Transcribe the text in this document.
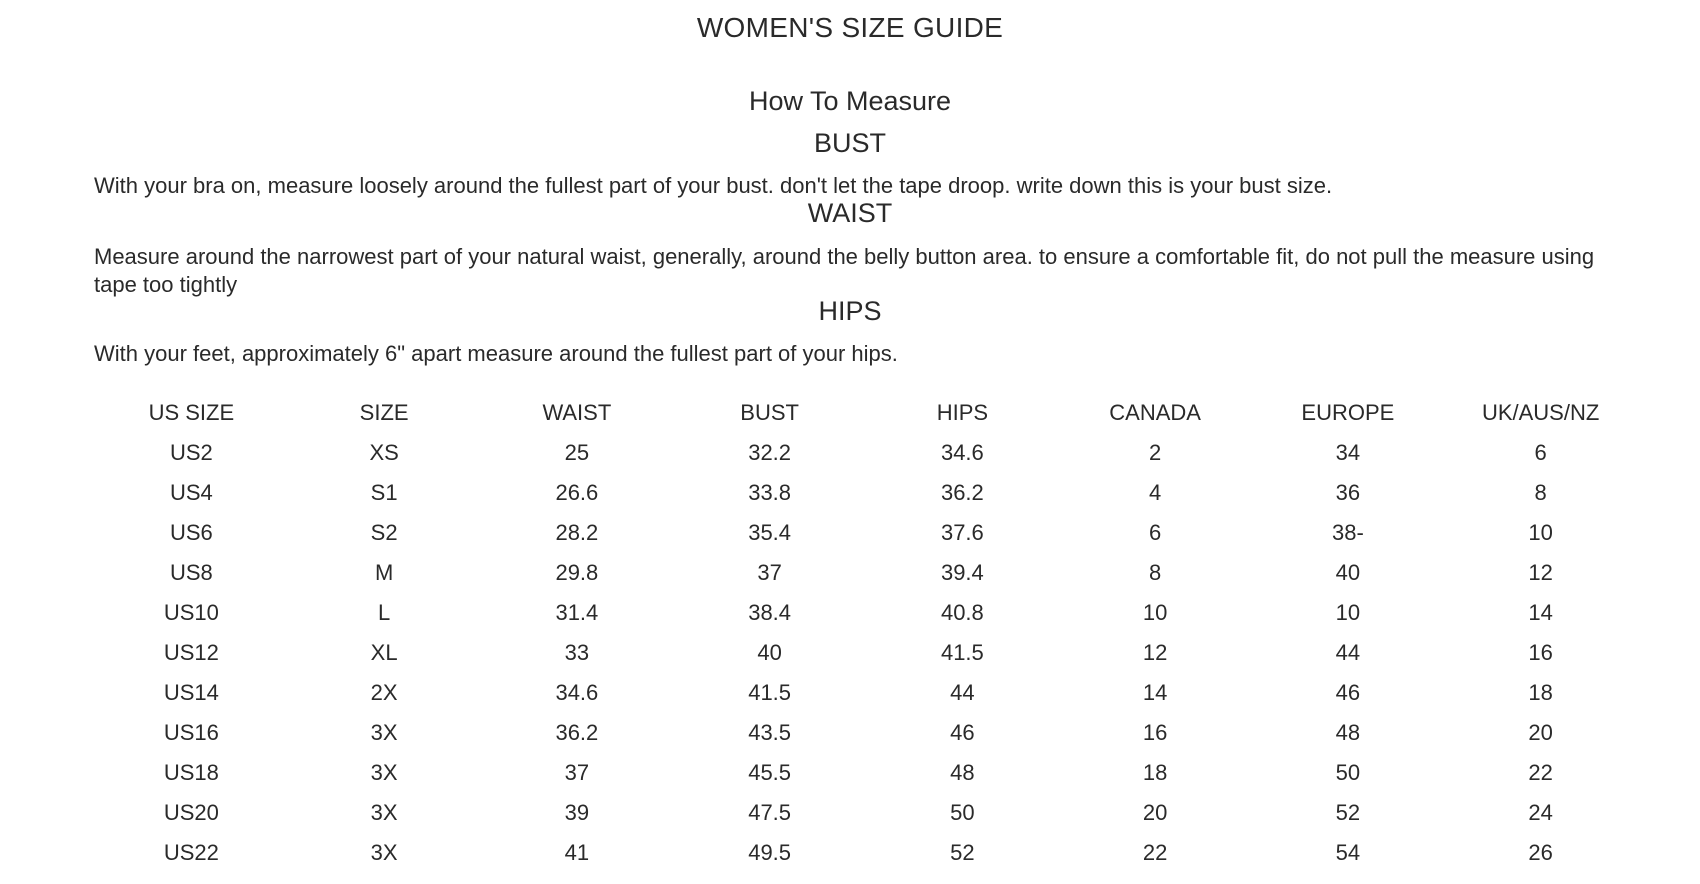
WOMEN'S SIZE GUIDE
How To Measure
BUST
With your bra on, measure loosely around the fullest part of your bust. don't let the tape droop. write down this is your bust size.
WAIST
Measure around the narrowest part of your natural waist, generally, around the belly button area. to ensure a comfortable fit, do not pull the measure using tape too tightly
HIPS
With your feet, approximately 6" apart measure around the fullest part of your hips.
US SIZE	SIZE	WAIST	BUST	HIPS	CANADA	EUROPE	UK/AUS/NZ
US2	XS	25	32.2	34.6	2	34	6
US4	S1	26.6	33.8	36.2	4	36	8
US6	S2	28.2	35.4	37.6	6	38-	10
US8	M	29.8	37	39.4	8	40	12
US10	L	31.4	38.4	40.8	10	10	14
US12	XL	33	40	41.5	12	44	16
US14	2X	34.6	41.5	44	14	46	18
US16	3X	36.2	43.5	46	16	48	20
US18	3X	37	45.5	48	18	50	22
US20	3X	39	47.5	50	20	52	24
US22	3X	41	49.5	52	22	54	26
